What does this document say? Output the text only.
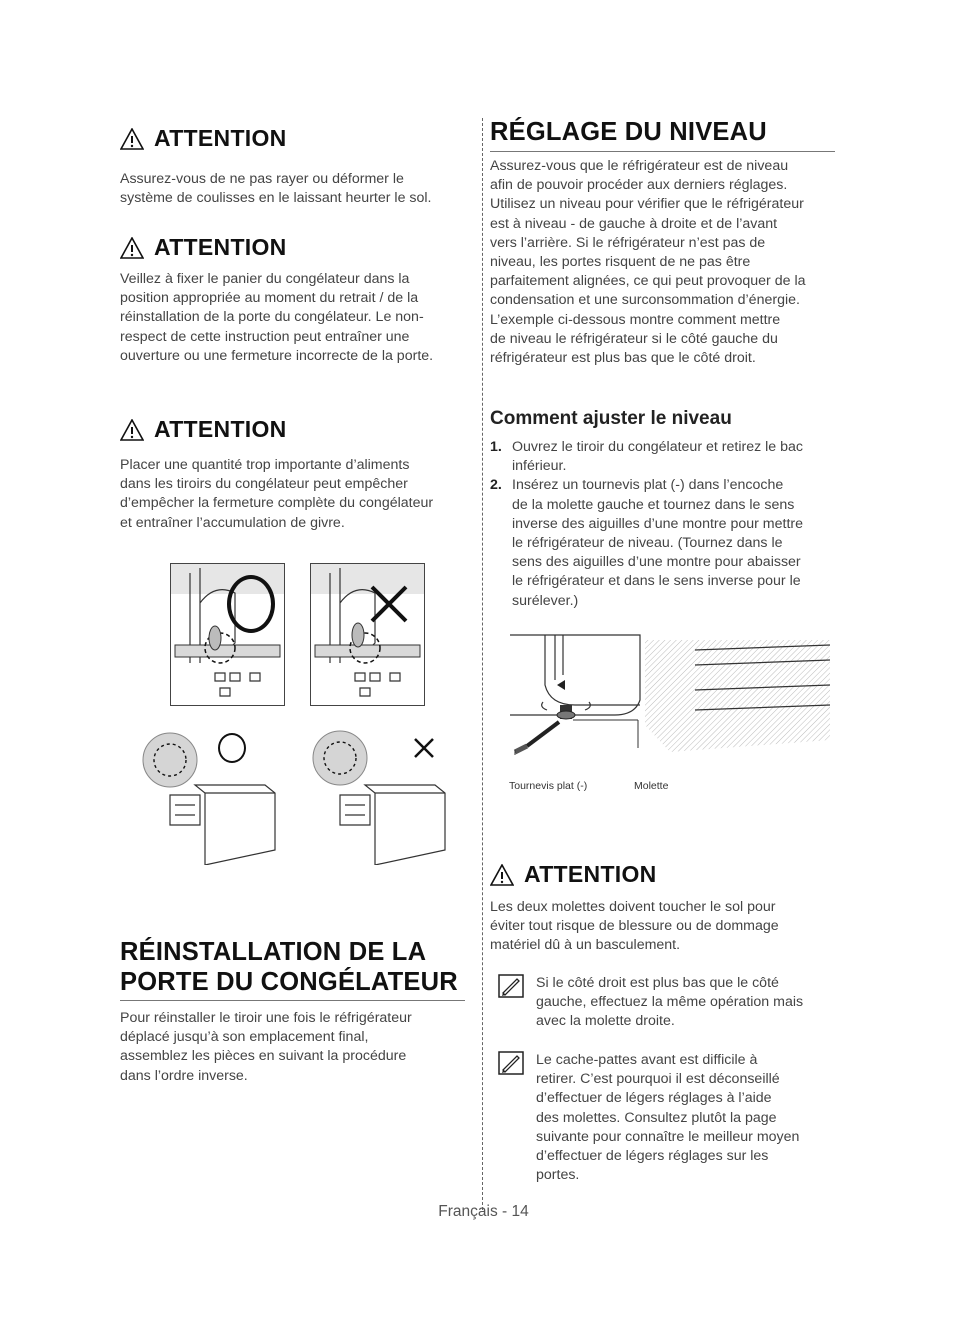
ATTENTION
Assurez-vous de ne pas rayer ou déformer le
système de coulisses en le laissant heurter le sol.
ATTENTION
Veillez à fixer le panier du congélateur dans la
position appropriée au moment du retrait / de la
réinstallation de la porte du congélateur. Le non-
respect de cette instruction peut entraîner une
ouverture ou une fermeture incorrecte de la porte.
ATTENTION
Placer une quantité trop importante d’aliments
dans les tiroirs du congélateur peut empêcher
d’empêcher la fermeture complète du congélateur
et entraîner l’accumulation de givre.
RÉINSTALLATION DE LA
PORTE DU CONGÉLATEUR
Pour réinstaller le tiroir une fois le réfrigérateur
déplacé jusqu’à son emplacement final,
assemblez les pièces en suivant la procédure
dans l’ordre inverse.
RÉGLAGE DU NIVEAU
Assurez-vous que le réfrigérateur est de niveau
afin de pouvoir procéder aux derniers réglages.
Utilisez un niveau pour vérifier que le réfrigérateur
est à niveau - de gauche à droite et de l’avant
vers l’arrière. Si le réfrigérateur n’est pas de
niveau, les portes risquent de ne pas être
parfaitement alignées, ce qui peut provoquer de la
condensation et une surconsommation d’énergie.
L’exemple ci-dessous montre comment mettre
de niveau le réfrigérateur si le côté gauche du
réfrigérateur est plus bas que le côté droit.
Comment ajuster le niveau
1. Ouvrez le tiroir du congélateur et retirez le bac
inférieur.
2. Insérez un tournevis plat (-) dans l’encoche
de la molette gauche et tournez dans le sens
inverse des aiguilles d’une montre pour mettre
le réfrigérateur de niveau. (Tournez dans le
sens des aiguilles d’une montre pour abaisser
le réfrigérateur et dans le sens inverse pour le
surélever.)
Tournevis plat (-)	Molette
ATTENTION
Les deux molettes doivent toucher le sol pour
éviter tout risque de blessure ou de dommage
matériel dû à un basculement.
Si le côté droit est plus bas que le côté
gauche, effectuez la même opération mais
avec la molette droite.
Le cache-pattes avant est difficile à
retirer. C’est pourquoi il est déconseillé
d’effectuer de légers réglages à l’aide
des molettes. Consultez plutôt la page
suivante pour connaître le meilleur moyen
d’effectuer de légers réglages sur les
portes.
Français - 14
